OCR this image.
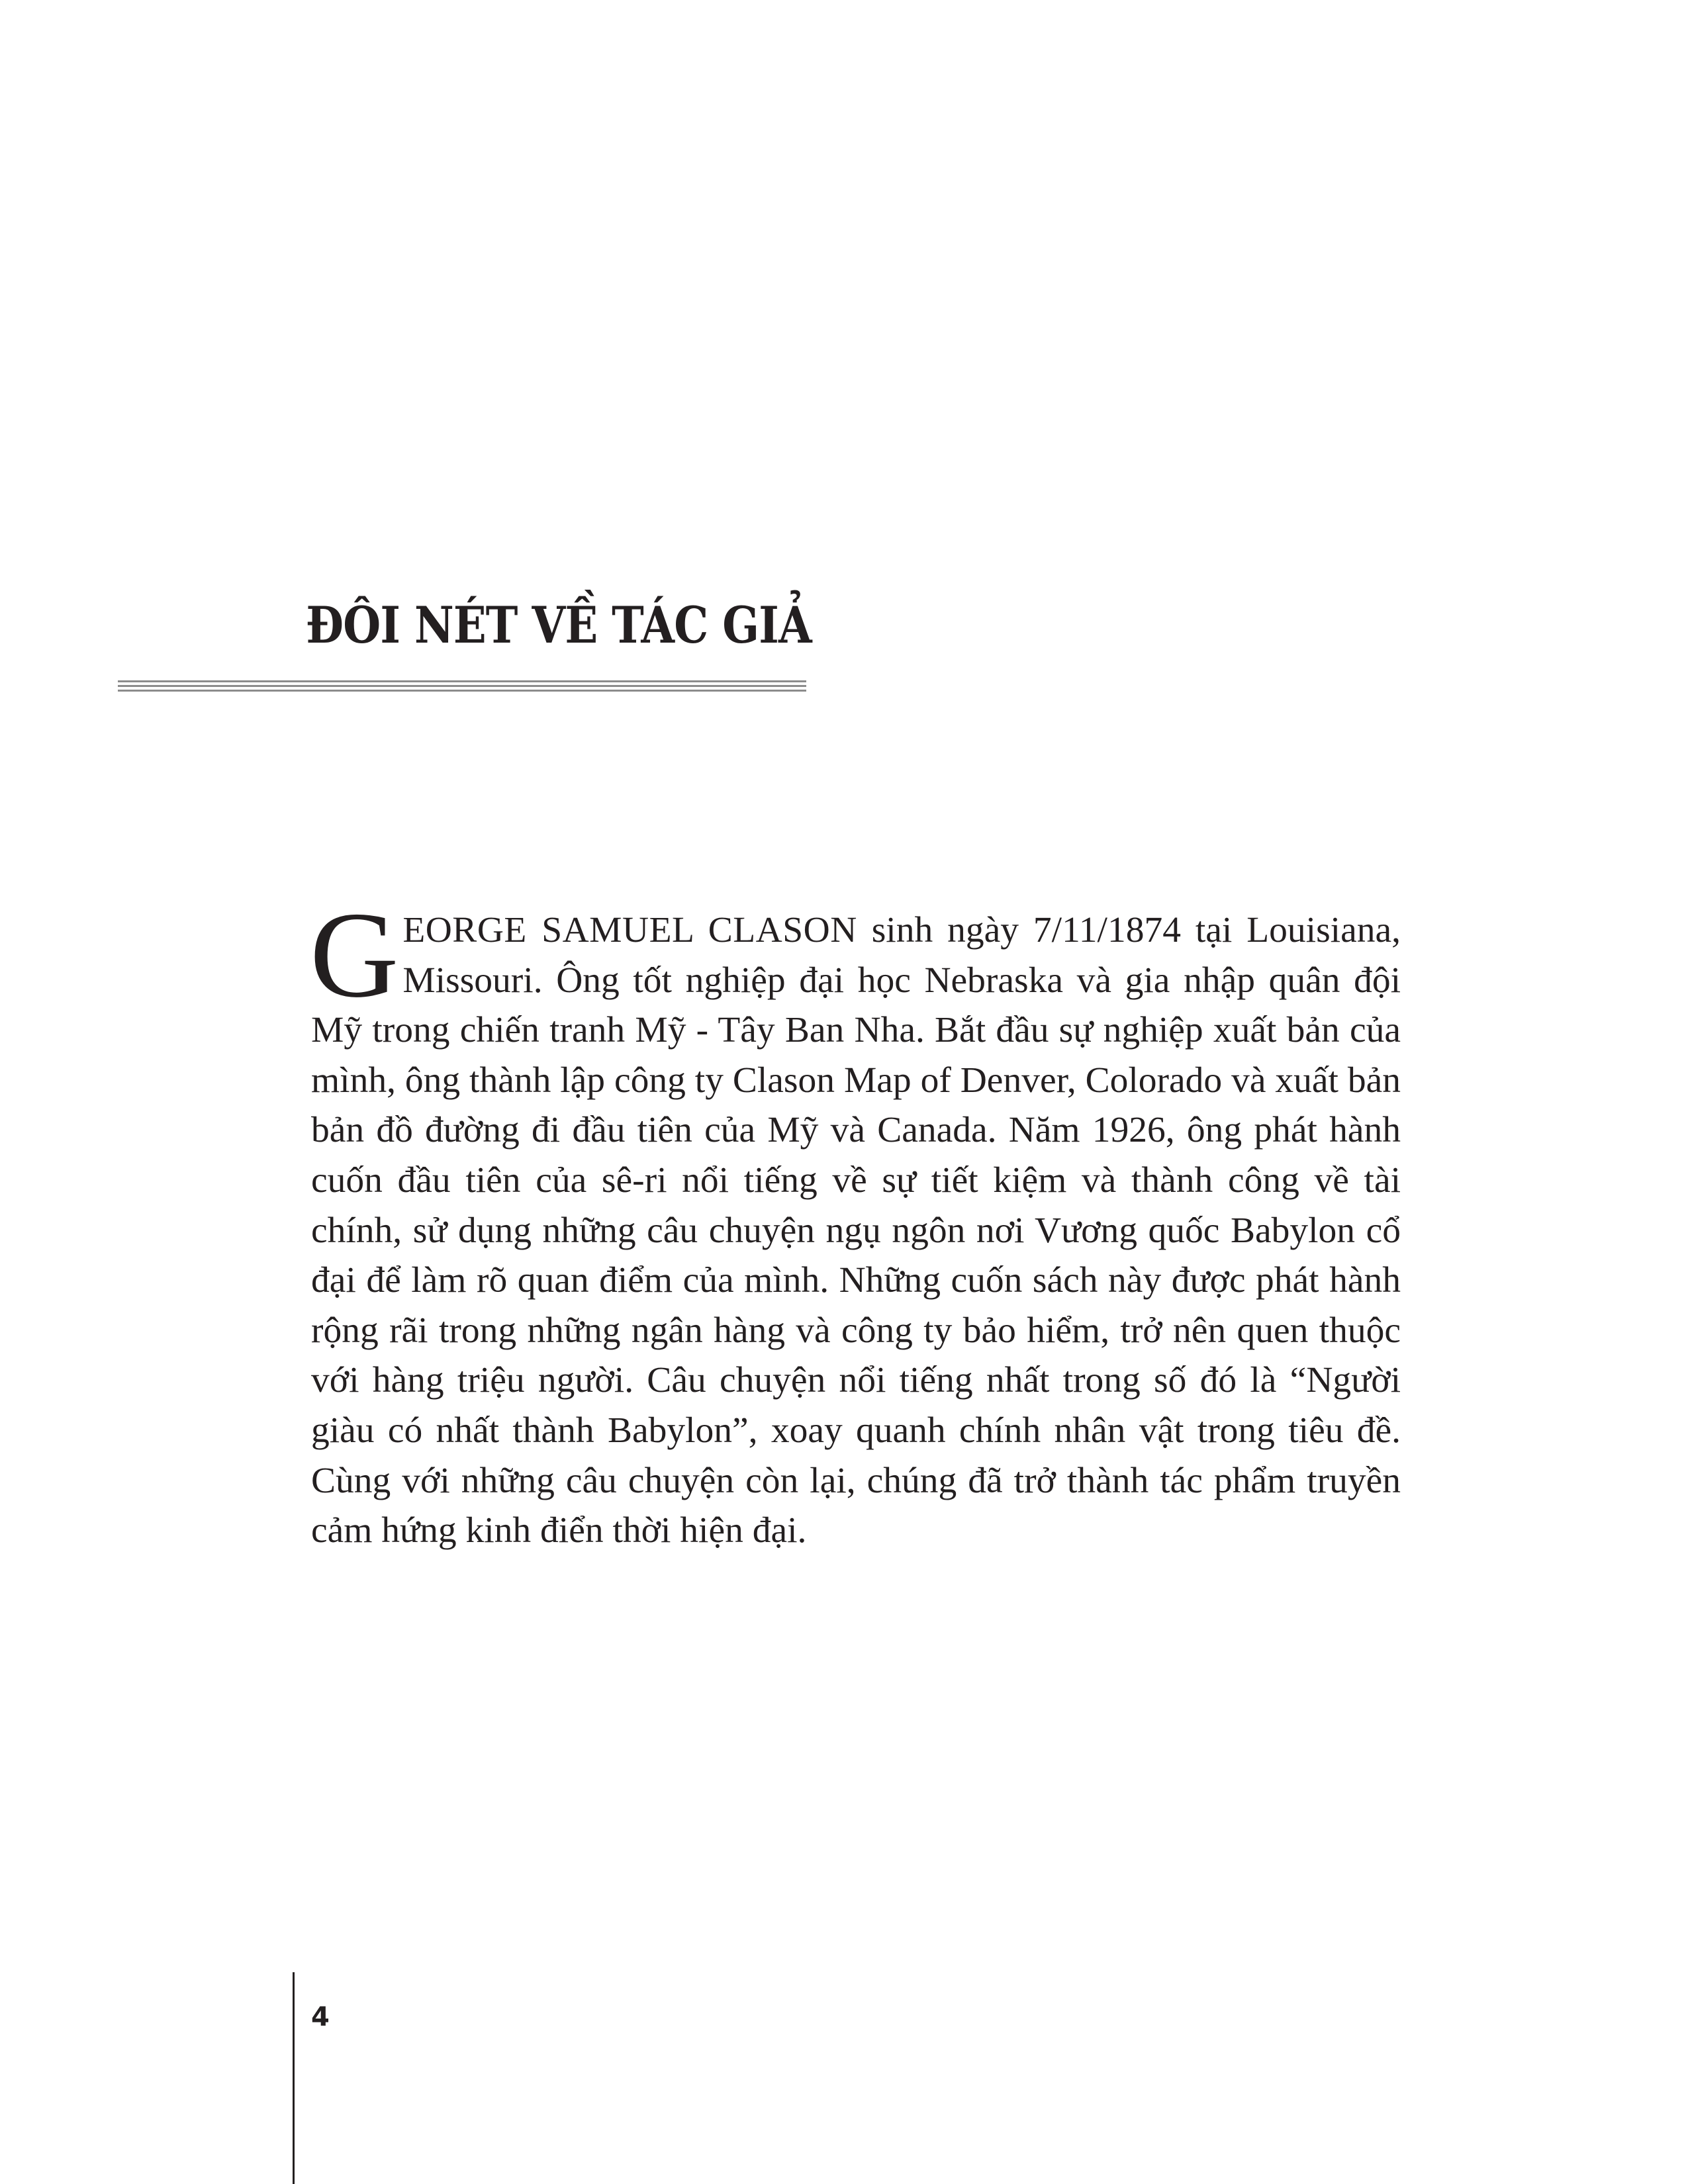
ĐÔI NÉT VỀ TÁC GIẢ

GEORGE SAMUEL CLASON sinh ngày 7/11/1874 tại Louisiana, Missouri. Ông tốt nghiệp đại học Nebraska và gia nhập quân đội Mỹ trong chiến tranh Mỹ - Tây Ban Nha. Bắt đầu sự nghiệp xuất bản của mình, ông thành lập công ty Clason Map of Denver, Colorado và xuất bản bản đồ đường đi đầu tiên của Mỹ và Canada. Năm 1926, ông phát hành cuốn đầu tiên của sê-ri nổi tiếng về sự tiết kiệm và thành công về tài chính, sử dụng những câu chuyện ngụ ngôn nơi Vương quốc Babylon cổ đại để làm rõ quan điểm của mình. Những cuốn sách này được phát hành rộng rãi trong những ngân hàng và công ty bảo hiểm, trở nên quen thuộc với hàng triệu người. Câu chuyện nổi tiếng nhất trong số đó là “Người giàu có nhất thành Babylon”, xoay quanh chính nhân vật trong tiêu đề. Cùng với những câu chuyện còn lại, chúng đã trở thành tác phẩm truyền cảm hứng kinh điển thời hiện đại.

4
